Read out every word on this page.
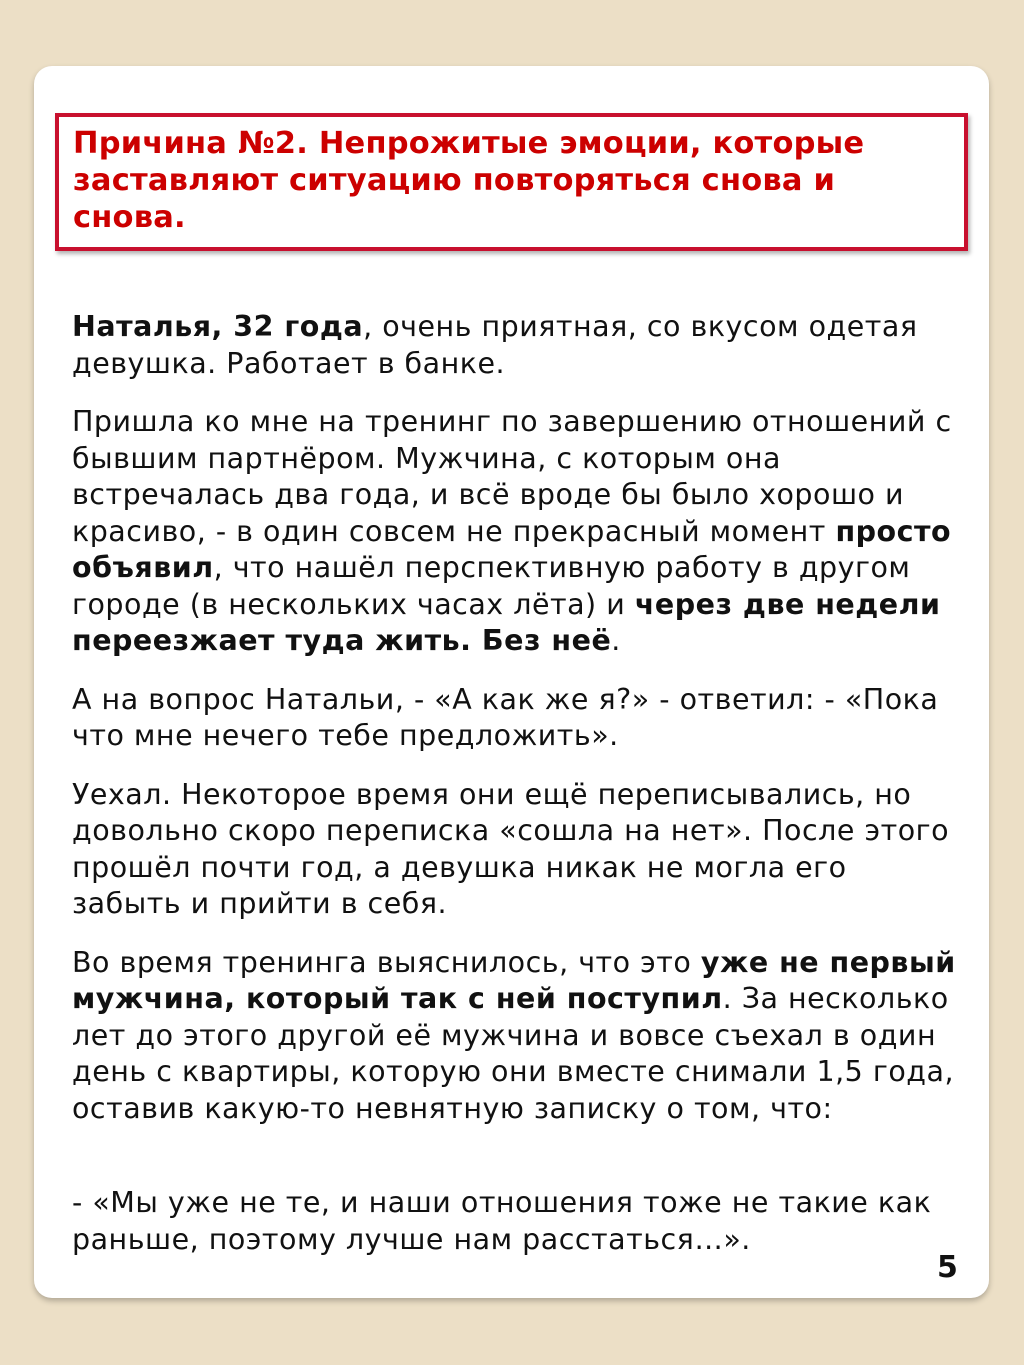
Причина №2. Непрожитые эмоции, которые заставляют ситуацию повторяться снова и снова.

Наталья, 32 года, очень приятная, со вкусом одетая девушка. Работает в банке.

Пришла ко мне на тренинг по завершению отношений с бывшим партнёром. Мужчина, с которым она встречалась два года, и всё вроде бы было хорошо и красиво, - в один совсем не прекрасный момент просто объявил, что нашёл перспективную работу в другом городе (в нескольких часах лёта) и через две недели переезжает туда жить. Без неё.

А на вопрос Натальи, - «А как же я?» - ответил: - «Пока что мне нечего тебе предложить».

Уехал. Некоторое время они ещё переписывались, но довольно скоро переписка «сошла на нет». После этого прошёл почти год, а девушка никак не могла его забыть и прийти в себя.

Во время тренинга выяснилось, что это уже не первый мужчина, который так с ней поступил. За несколько лет до этого другой её мужчина и вовсе съехал в один день с квартиры, которую они вместе снимали 1,5 года, оставив какую-то невнятную записку о том, что:

- «Мы уже не те, и наши отношения тоже не такие как раньше, поэтому лучше нам расстаться…».

5
